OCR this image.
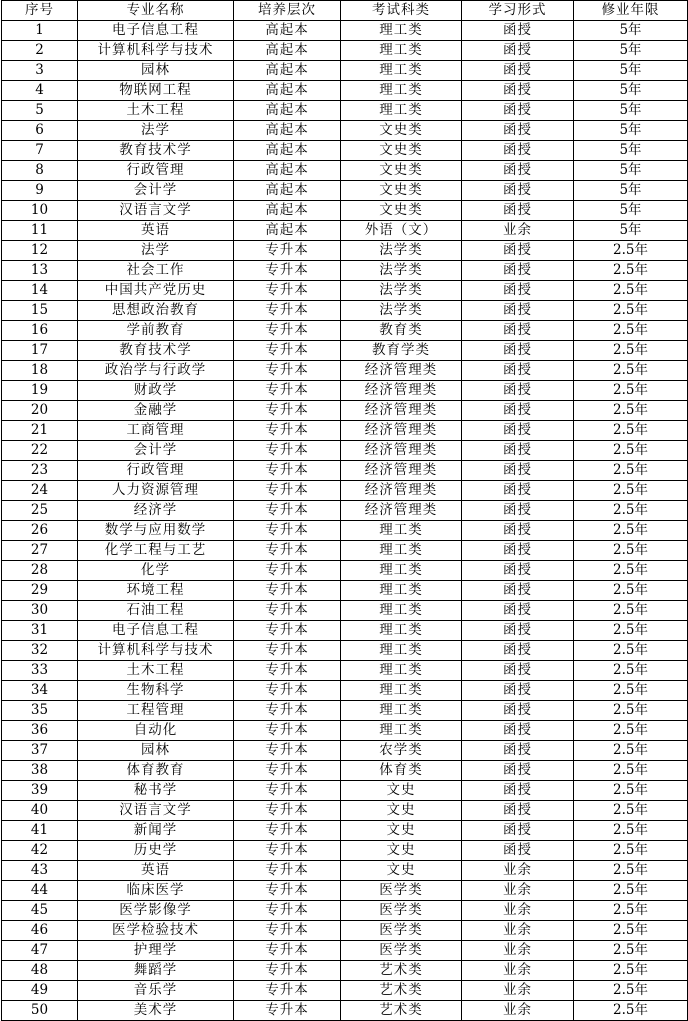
序号	专业名称	培养层次	考试科类	学习形式	修业年限
1	电子信息工程	高起本	理工类	函授	5年
2	计算机科学与技术	高起本	理工类	函授	5年
3	园林	高起本	理工类	函授	5年
4	物联网工程	高起本	理工类	函授	5年
5	土木工程	高起本	理工类	函授	5年
6	法学	高起本	文史类	函授	5年
7	教育技术学	高起本	文史类	函授	5年
8	行政管理	高起本	文史类	函授	5年
9	会计学	高起本	文史类	函授	5年
10	汉语言文学	高起本	文史类	函授	5年
11	英语	高起本	外语（文）	业余	5年
12	法学	专升本	法学类	函授	2.5年
13	社会工作	专升本	法学类	函授	2.5年
14	中国共产党历史	专升本	法学类	函授	2.5年
15	思想政治教育	专升本	法学类	函授	2.5年
16	学前教育	专升本	教育类	函授	2.5年
17	教育技术学	专升本	教育学类	函授	2.5年
18	政治学与行政学	专升本	经济管理类	函授	2.5年
19	财政学	专升本	经济管理类	函授	2.5年
20	金融学	专升本	经济管理类	函授	2.5年
21	工商管理	专升本	经济管理类	函授	2.5年
22	会计学	专升本	经济管理类	函授	2.5年
23	行政管理	专升本	经济管理类	函授	2.5年
24	人力资源管理	专升本	经济管理类	函授	2.5年
25	经济学	专升本	经济管理类	函授	2.5年
26	数学与应用数学	专升本	理工类	函授	2.5年
27	化学工程与工艺	专升本	理工类	函授	2.5年
28	化学	专升本	理工类	函授	2.5年
29	环境工程	专升本	理工类	函授	2.5年
30	石油工程	专升本	理工类	函授	2.5年
31	电子信息工程	专升本	理工类	函授	2.5年
32	计算机科学与技术	专升本	理工类	函授	2.5年
33	土木工程	专升本	理工类	函授	2.5年
34	生物科学	专升本	理工类	函授	2.5年
35	工程管理	专升本	理工类	函授	2.5年
36	自动化	专升本	理工类	函授	2.5年
37	园林	专升本	农学类	函授	2.5年
38	体育教育	专升本	体育类	函授	2.5年
39	秘书学	专升本	文史	函授	2.5年
40	汉语言文学	专升本	文史	函授	2.5年
41	新闻学	专升本	文史	函授	2.5年
42	历史学	专升本	文史	函授	2.5年
43	英语	专升本	文史	业余	2.5年
44	临床医学	专升本	医学类	业余	2.5年
45	医学影像学	专升本	医学类	业余	2.5年
46	医学检验技术	专升本	医学类	业余	2.5年
47	护理学	专升本	医学类	业余	2.5年
48	舞蹈学	专升本	艺术类	业余	2.5年
49	音乐学	专升本	艺术类	业余	2.5年
50	美术学	专升本	艺术类	业余	2.5年
